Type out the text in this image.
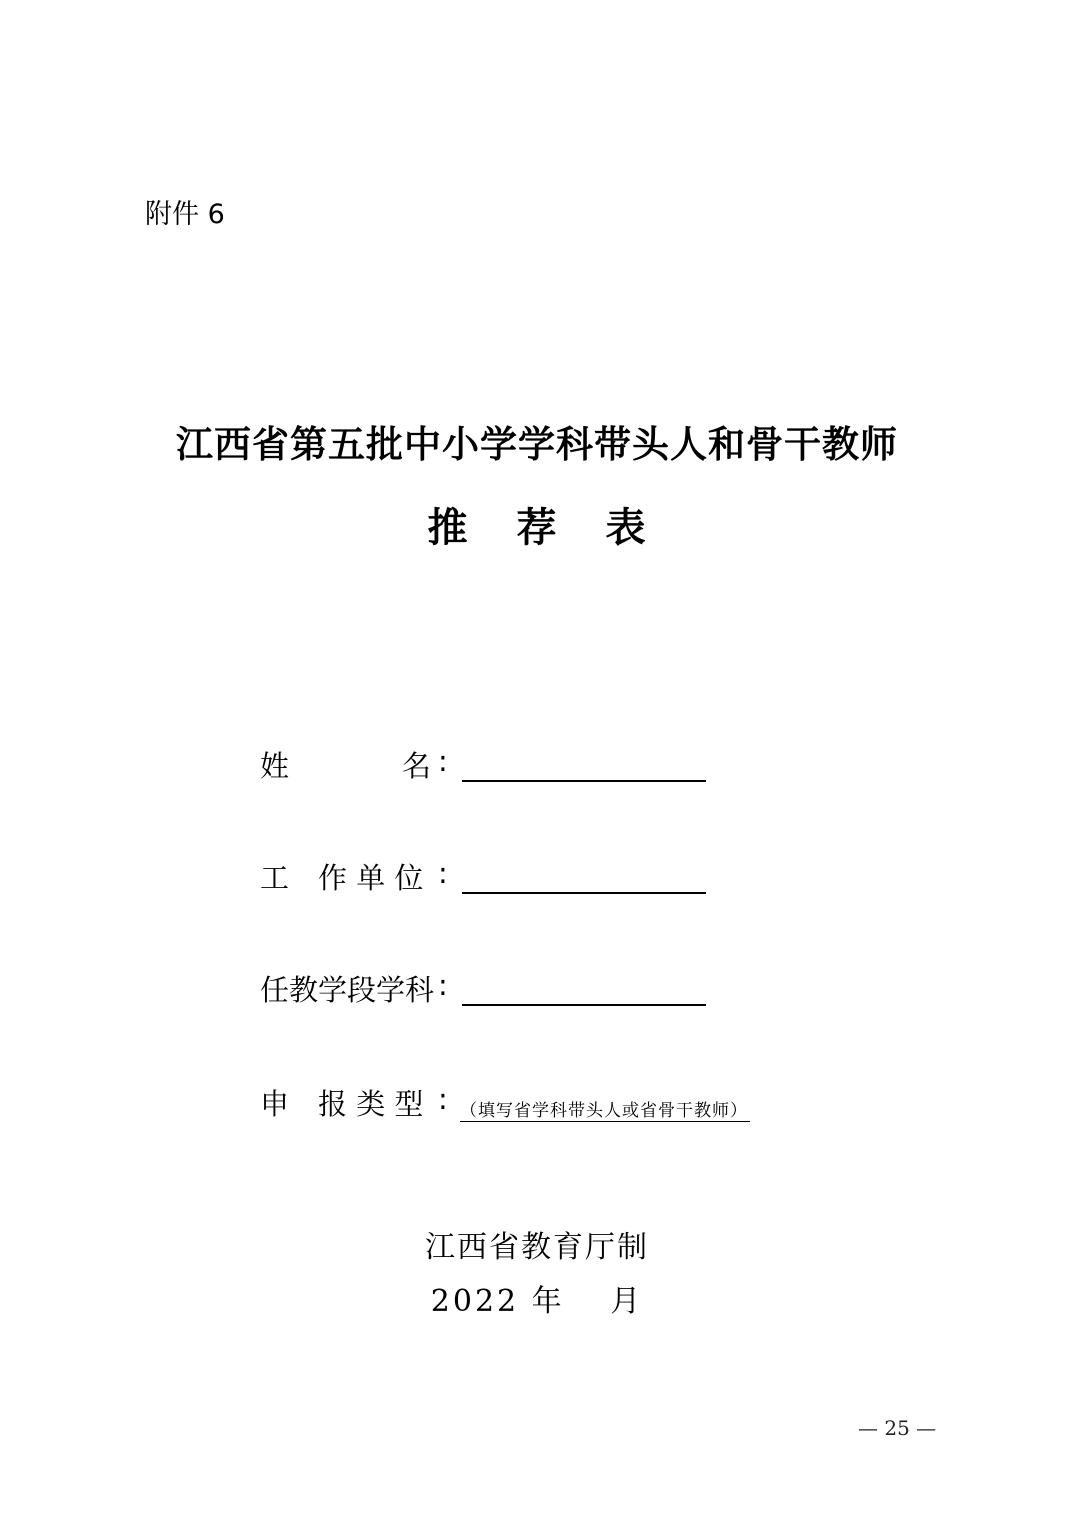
附件 6
江西省第五批中小学学科带头人和骨干教师
推 荐 表
姓	名 :
工　作 单 位 :
任教学段学科 :
申　报 类 型 : （填写省学科带头人或省骨干教师）
江西省教育厅制
2022 年　 月
— 25 —
